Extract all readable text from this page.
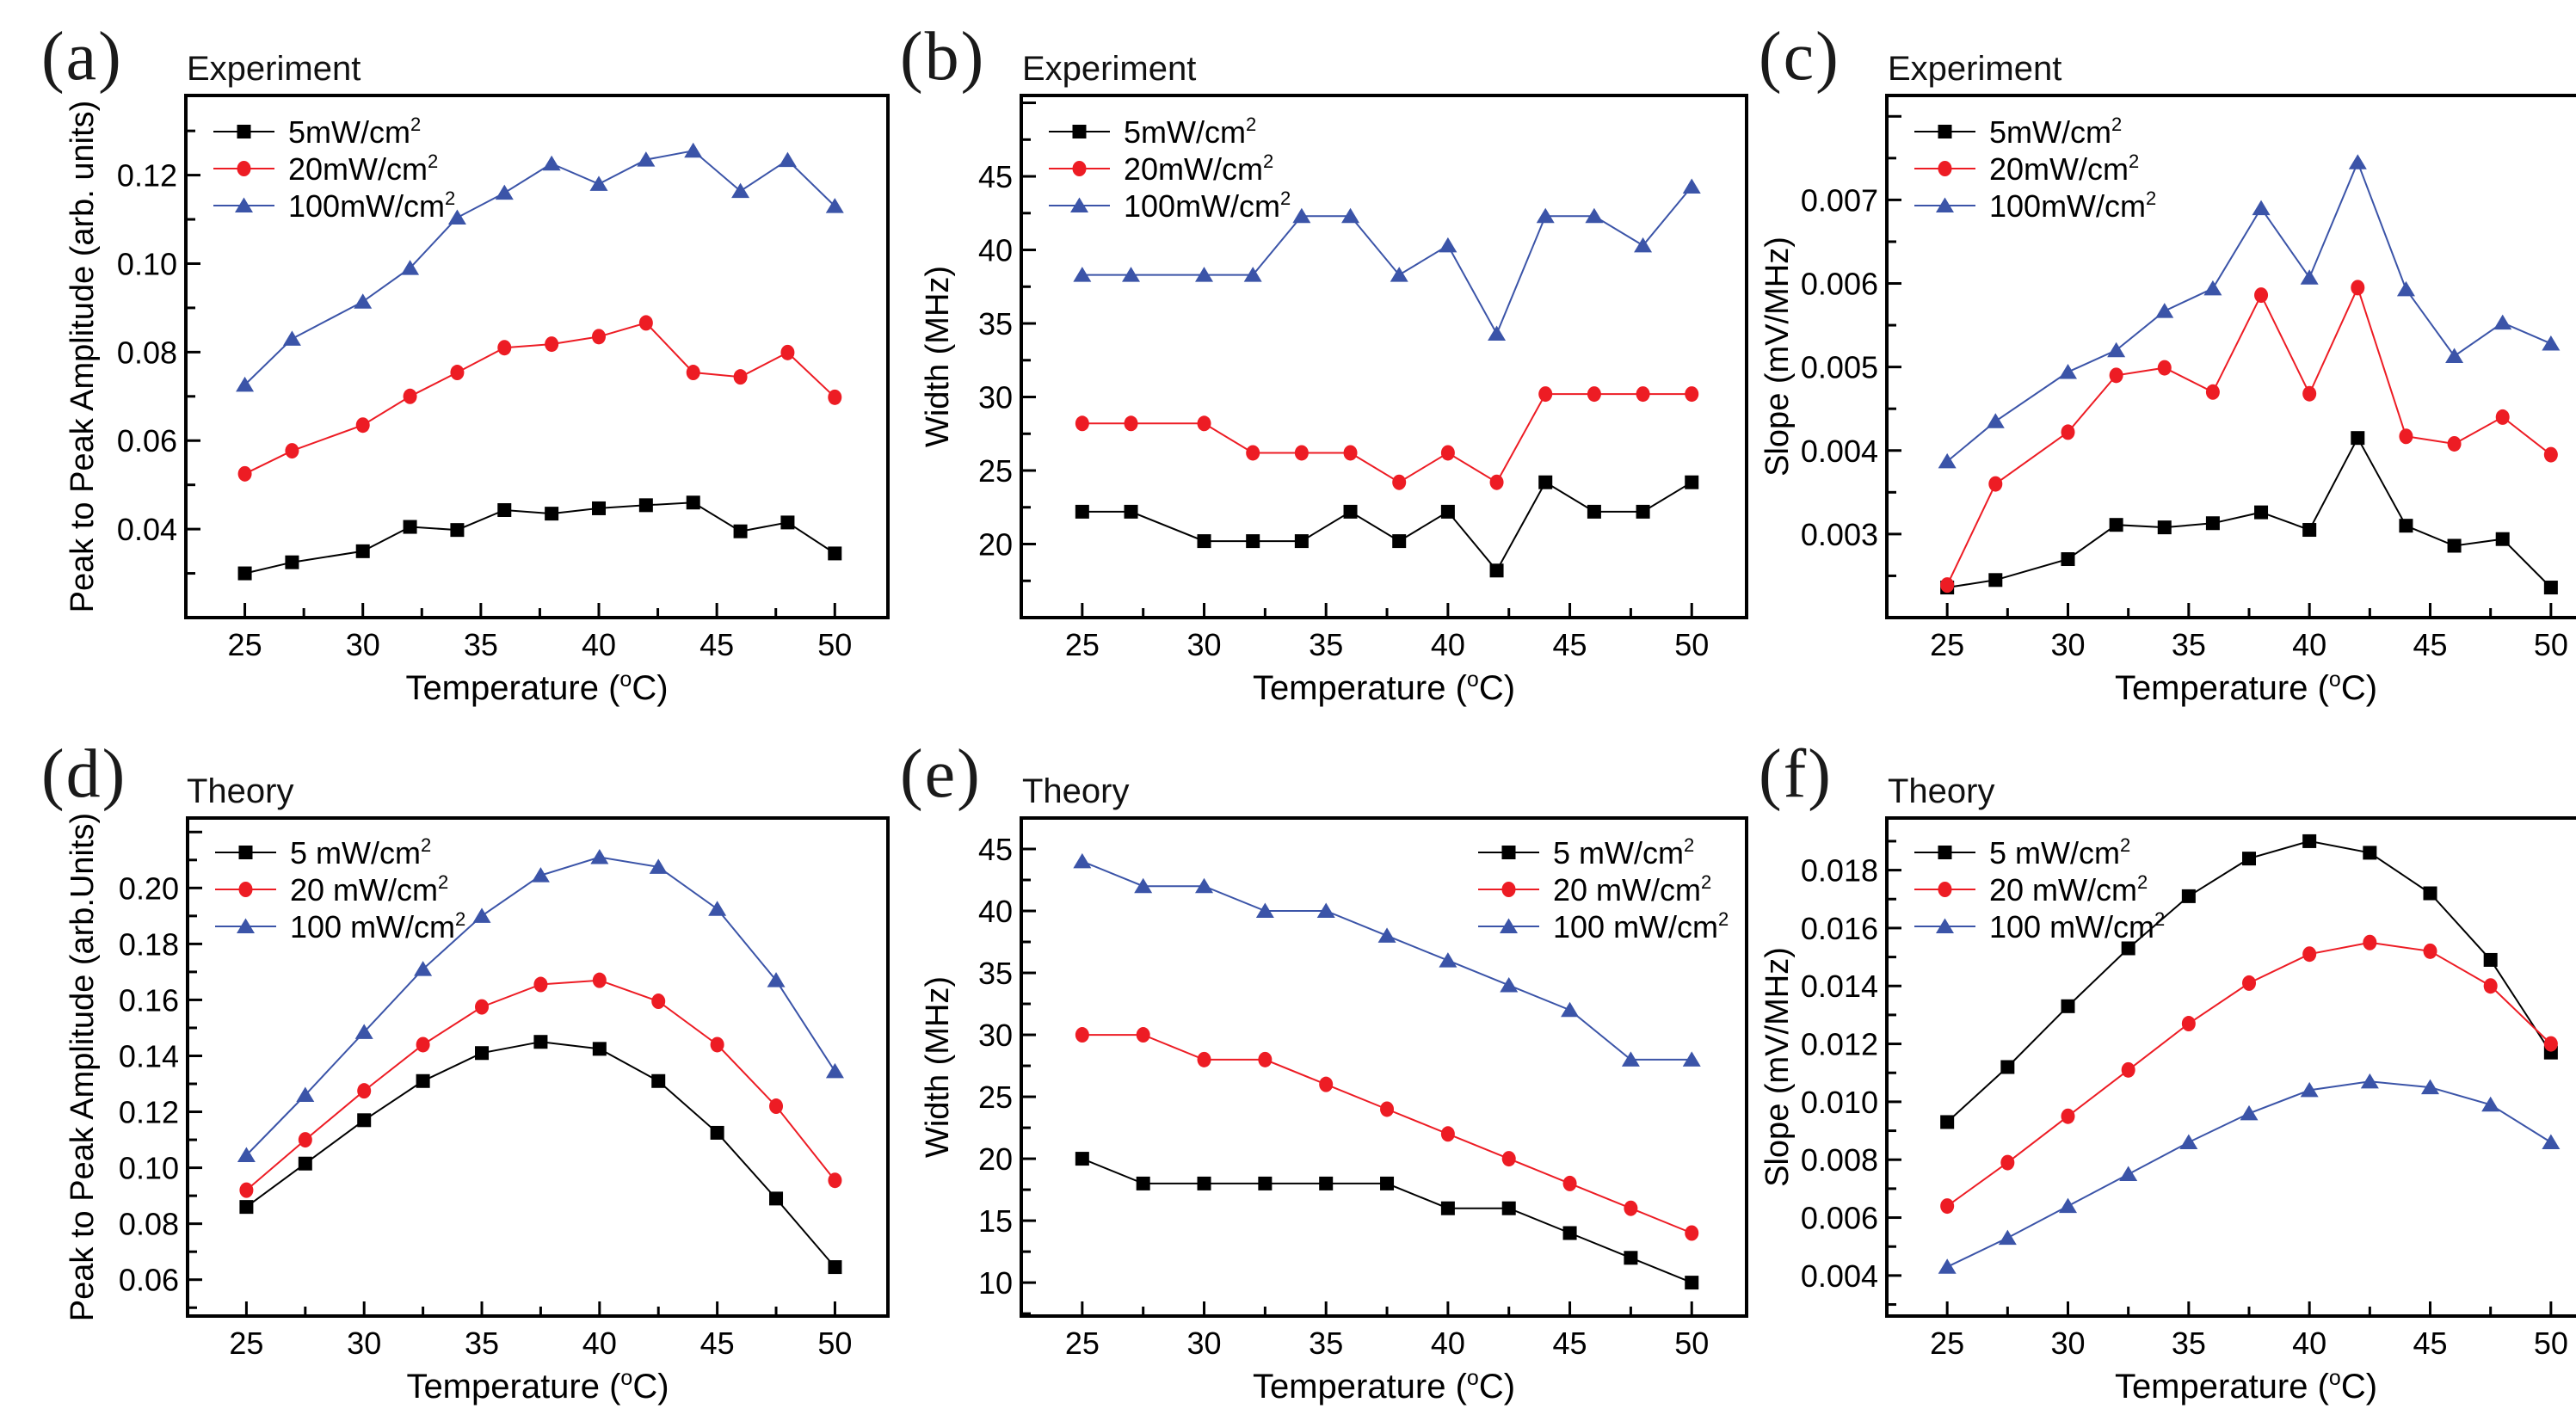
(a) Experiment
25	30	35	40	45	50
0.04
0.06
0.08
0.10
0.12
Temperature ($^o$C)
Peak to Peak Amplitude (arb. units)	$5mW/cm^2$
$20mW/cm^2$
$100mW/cm^2$
(b) Experiment
25	30	35	40	45	50
20
25
30
35
40
45
Temperature ($^o$C)
Width (MHz)
$5mW/cm^2$
$20mW/cm^2$
$100mW/cm^2$
(c) Experiment
25	30	35	40	45	50
0.003
0.004
0.005
0.006
0.007
Temperature ($^o$C)
Slope (mV/MHz)
$5mW/cm^2$
$20mW/cm^2$
$100mW/cm^2$
(d) Theory
25	30	35	40	45	50
0.06
0.08
0.10
0.12
0.14
0.16
0.18
0.20
Temperature ($^o$C)
Peak to Peak Amplitude (arb.Units)	5 $mW/cm^2$
20 $mW/cm^2$
100 $mW/cm^2$
(e) Theory
25	30	35	40	45	50
10
15
20
25
30
35
40
45
Temperature ($^o$C)
Width (MHz)
5 $mW/cm^2$
20 $mW/cm^2$
100 $mW/cm^2$
(f) Theory
25	30	35	40	45	50
0.004
0.006
0.008
0.010
0.012
0.014
0.016
0.018
Temperature ($^o$C)
Slope (mV/MHz)
5 $mW/cm^2$
20 $mW/cm^2$
100 $mW/cm^2$
